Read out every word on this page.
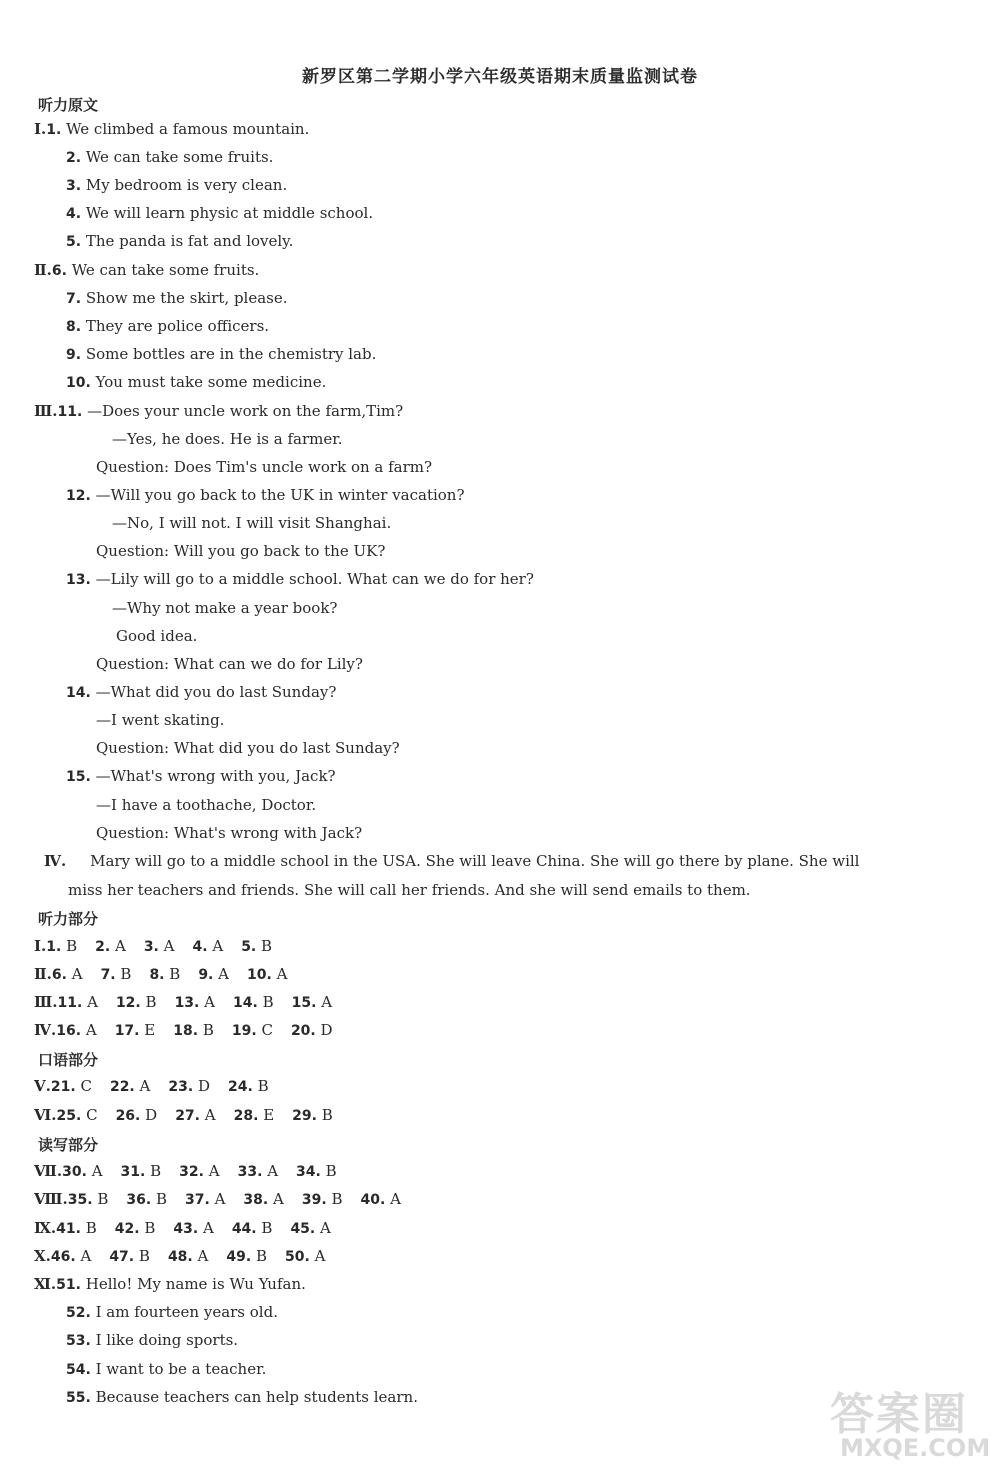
新罗区第二学期小学六年级英语期末质量监测试卷
听力原文
Ⅰ.1. We climbed a famous mountain.
2. We can take some fruits.
3. My bedroom is very clean.
4. We will learn physic at middle school.
5. The panda is fat and lovely.
Ⅱ.6. We can take some fruits.
7. Show me the skirt, please.
8. They are police officers.
9. Some bottles are in the chemistry lab.
10. You must take some medicine.
Ⅲ.11. —Does your uncle work on the farm,Tim?
—Yes, he does. He is a farmer.
Question: Does Tim's uncle work on a farm?
12. —Will you go back to the UK in winter vacation?
—No, I will not. I will visit Shanghai.
Question: Will you go back to the UK?
13. —Lily will go to a middle school. What can we do for her?
—Why not make a year book?
Good idea.
Question: What can we do for Lily?
14. —What did you do last Sunday?
—I went skating.
Question: What did you do last Sunday?
15. —What's wrong with you, Jack?
—I have a toothache, Doctor.
Question: What's wrong with Jack?
Ⅳ. Mary will go to a middle school in the USA. She will leave China. She will go there by plane. She will
miss her teachers and friends. She will call her friends. And she will send emails to them.
听力部分
Ⅰ.1. B 2. A 3. A 4. A 5. B
Ⅱ.6. A 7. B 8. B 9. A 10. A
Ⅲ.11. A 12. B 13. A 14. B 15. A
Ⅳ.16. A 17. E 18. B 19. C 20. D
口语部分
Ⅴ.21. C 22. A 23. D 24. B
Ⅵ.25. C 26. D 27. A 28. E 29. B
读写部分
Ⅶ.30. A 31. B 32. A 33. A 34. B
Ⅷ.35. B 36. B 37. A 38. A 39. B 40. A
Ⅸ.41. B 42. B 43. A 44. B 45. A
Ⅹ.46. A 47. B 48. A 49. B 50. A
Ⅺ.51. Hello! My name is Wu Yufan.
52. I am fourteen years old.
53. I like doing sports.
54. I want to be a teacher.
55. Because teachers can help students learn.	答案圈
MXQE.COM
